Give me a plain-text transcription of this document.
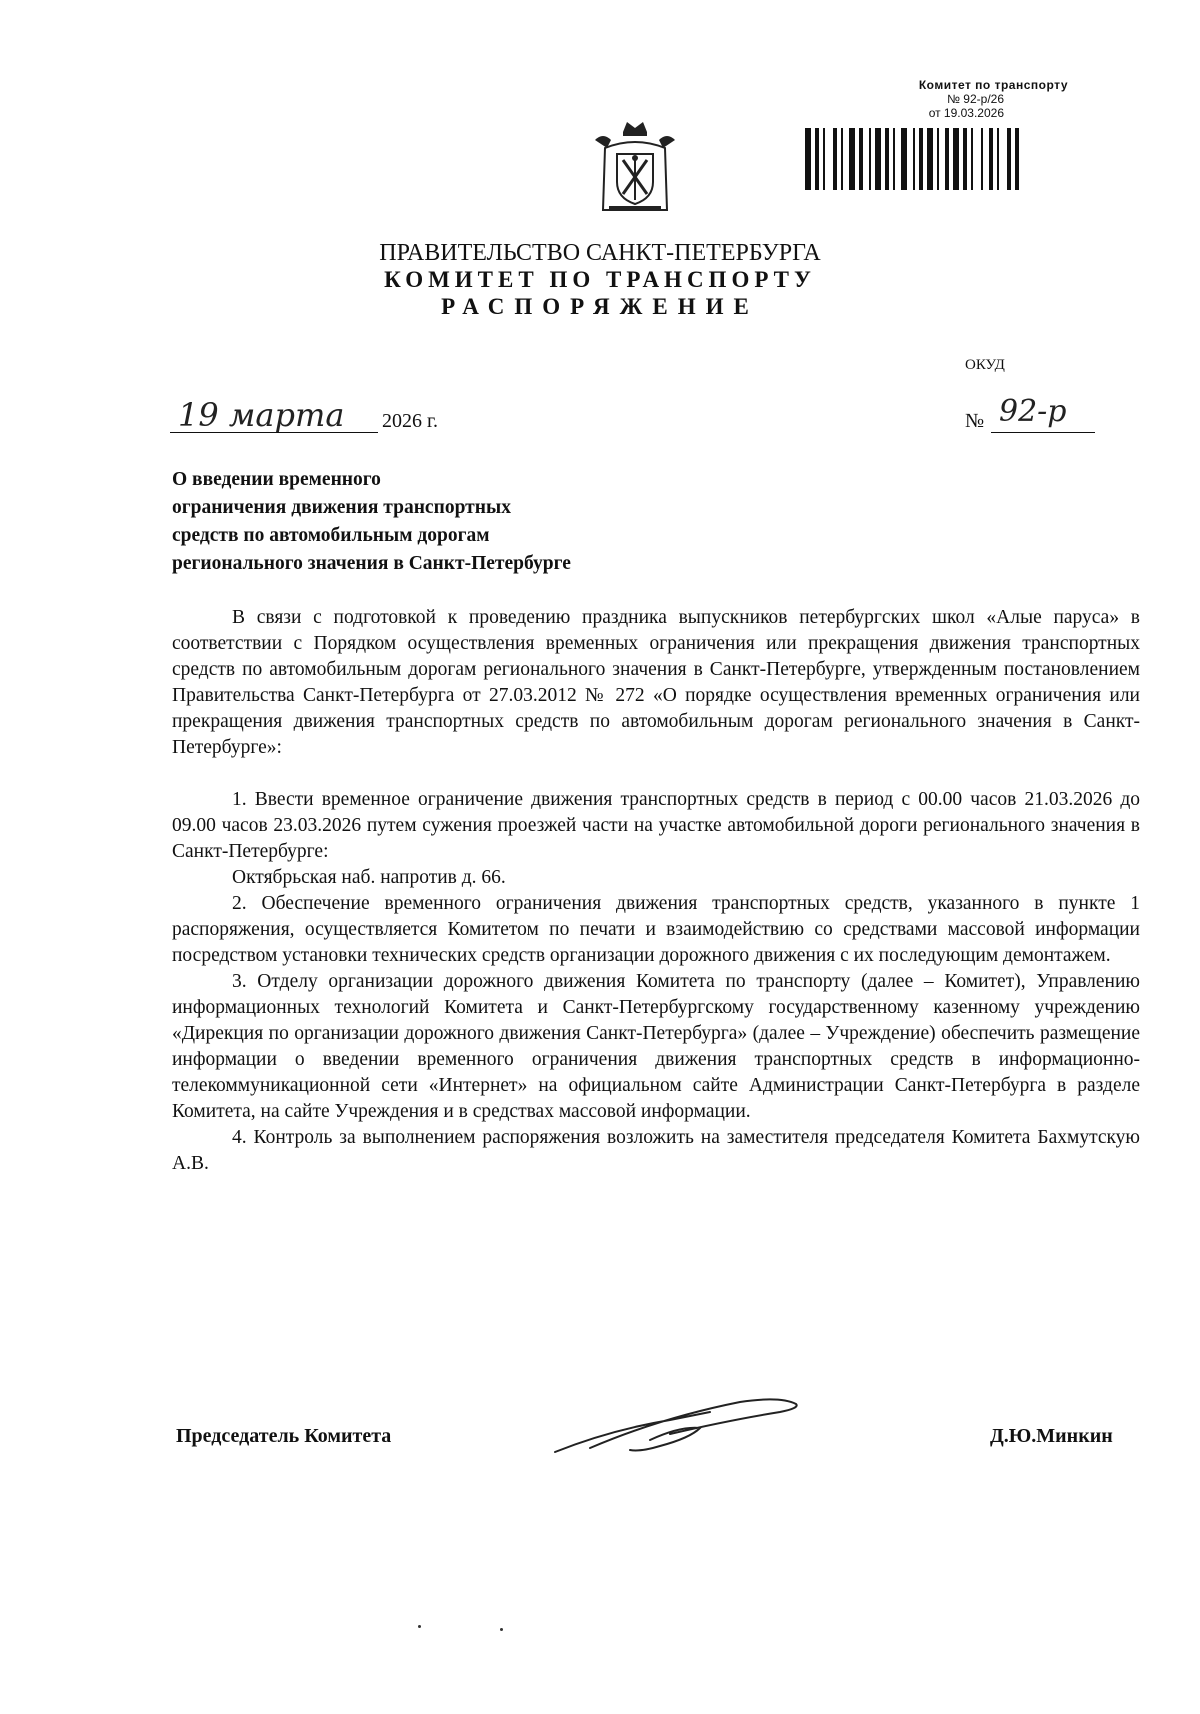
Комитет по транспорту
№ 92-р/26
от 19.03.2026
ПРАВИТЕЛЬСТВО САНКТ-ПЕТЕРБУРГА
КОМИТЕТ ПО ТРАНСПОРТУ
РАСПОРЯЖЕНИЕ
ОКУД
19 марта 2026 г.	№ 92-р
О введении временного
ограничения движения транспортных
средств по автомобильным дорогам
регионального значения в Санкт-Петербурге

В связи с подготовкой к проведению праздника выпускников петербургских школ «Алые паруса» в соответствии с Порядком осуществления временных ограничения или прекращения движения транспортных средств по автомобильным дорогам регионального значения в Санкт-Петербурге, утвержденным постановлением Правительства Санкт-Петербурга от 27.03.2012 № 272 «О порядке осуществления временных ограничения или прекращения движения транспортных средств по автомобильным дорогам регионального значения в Санкт-Петербурге»:

1. Ввести временное ограничение движения транспортных средств в период с 00.00 часов 21.03.2026 до 09.00 часов 23.03.2026 путем сужения проезжей части на участке автомобильной дороги регионального значения в Санкт-Петербурге:

Октябрьская наб. напротив д. 66.

2. Обеспечение временного ограничения движения транспортных средств, указанного в пункте 1 распоряжения, осуществляется Комитетом по печати и взаимодействию со средствами массовой информации посредством установки технических средств организации дорожного движения с их последующим демонтажем.

3. Отделу организации дорожного движения Комитета по транспорту (далее – Комитет), Управлению информационных технологий Комитета и Санкт-Петербургскому государственному казенному учреждению «Дирекция по организации дорожного движения Санкт-Петербурга» (далее – Учреждение) обеспечить размещение информации о введении временного ограничения движения транспортных средств в информационно-телекоммуникационной сети «Интернет» на официальном сайте Администрации Санкт-Петербурга в разделе Комитета, на сайте Учреждения и в средствах массовой информации.

4. Контроль за выполнением распоряжения возложить на заместителя председателя Комитета Бахмутскую А.В.

Председатель Комитета	Д.Ю.Минкин
